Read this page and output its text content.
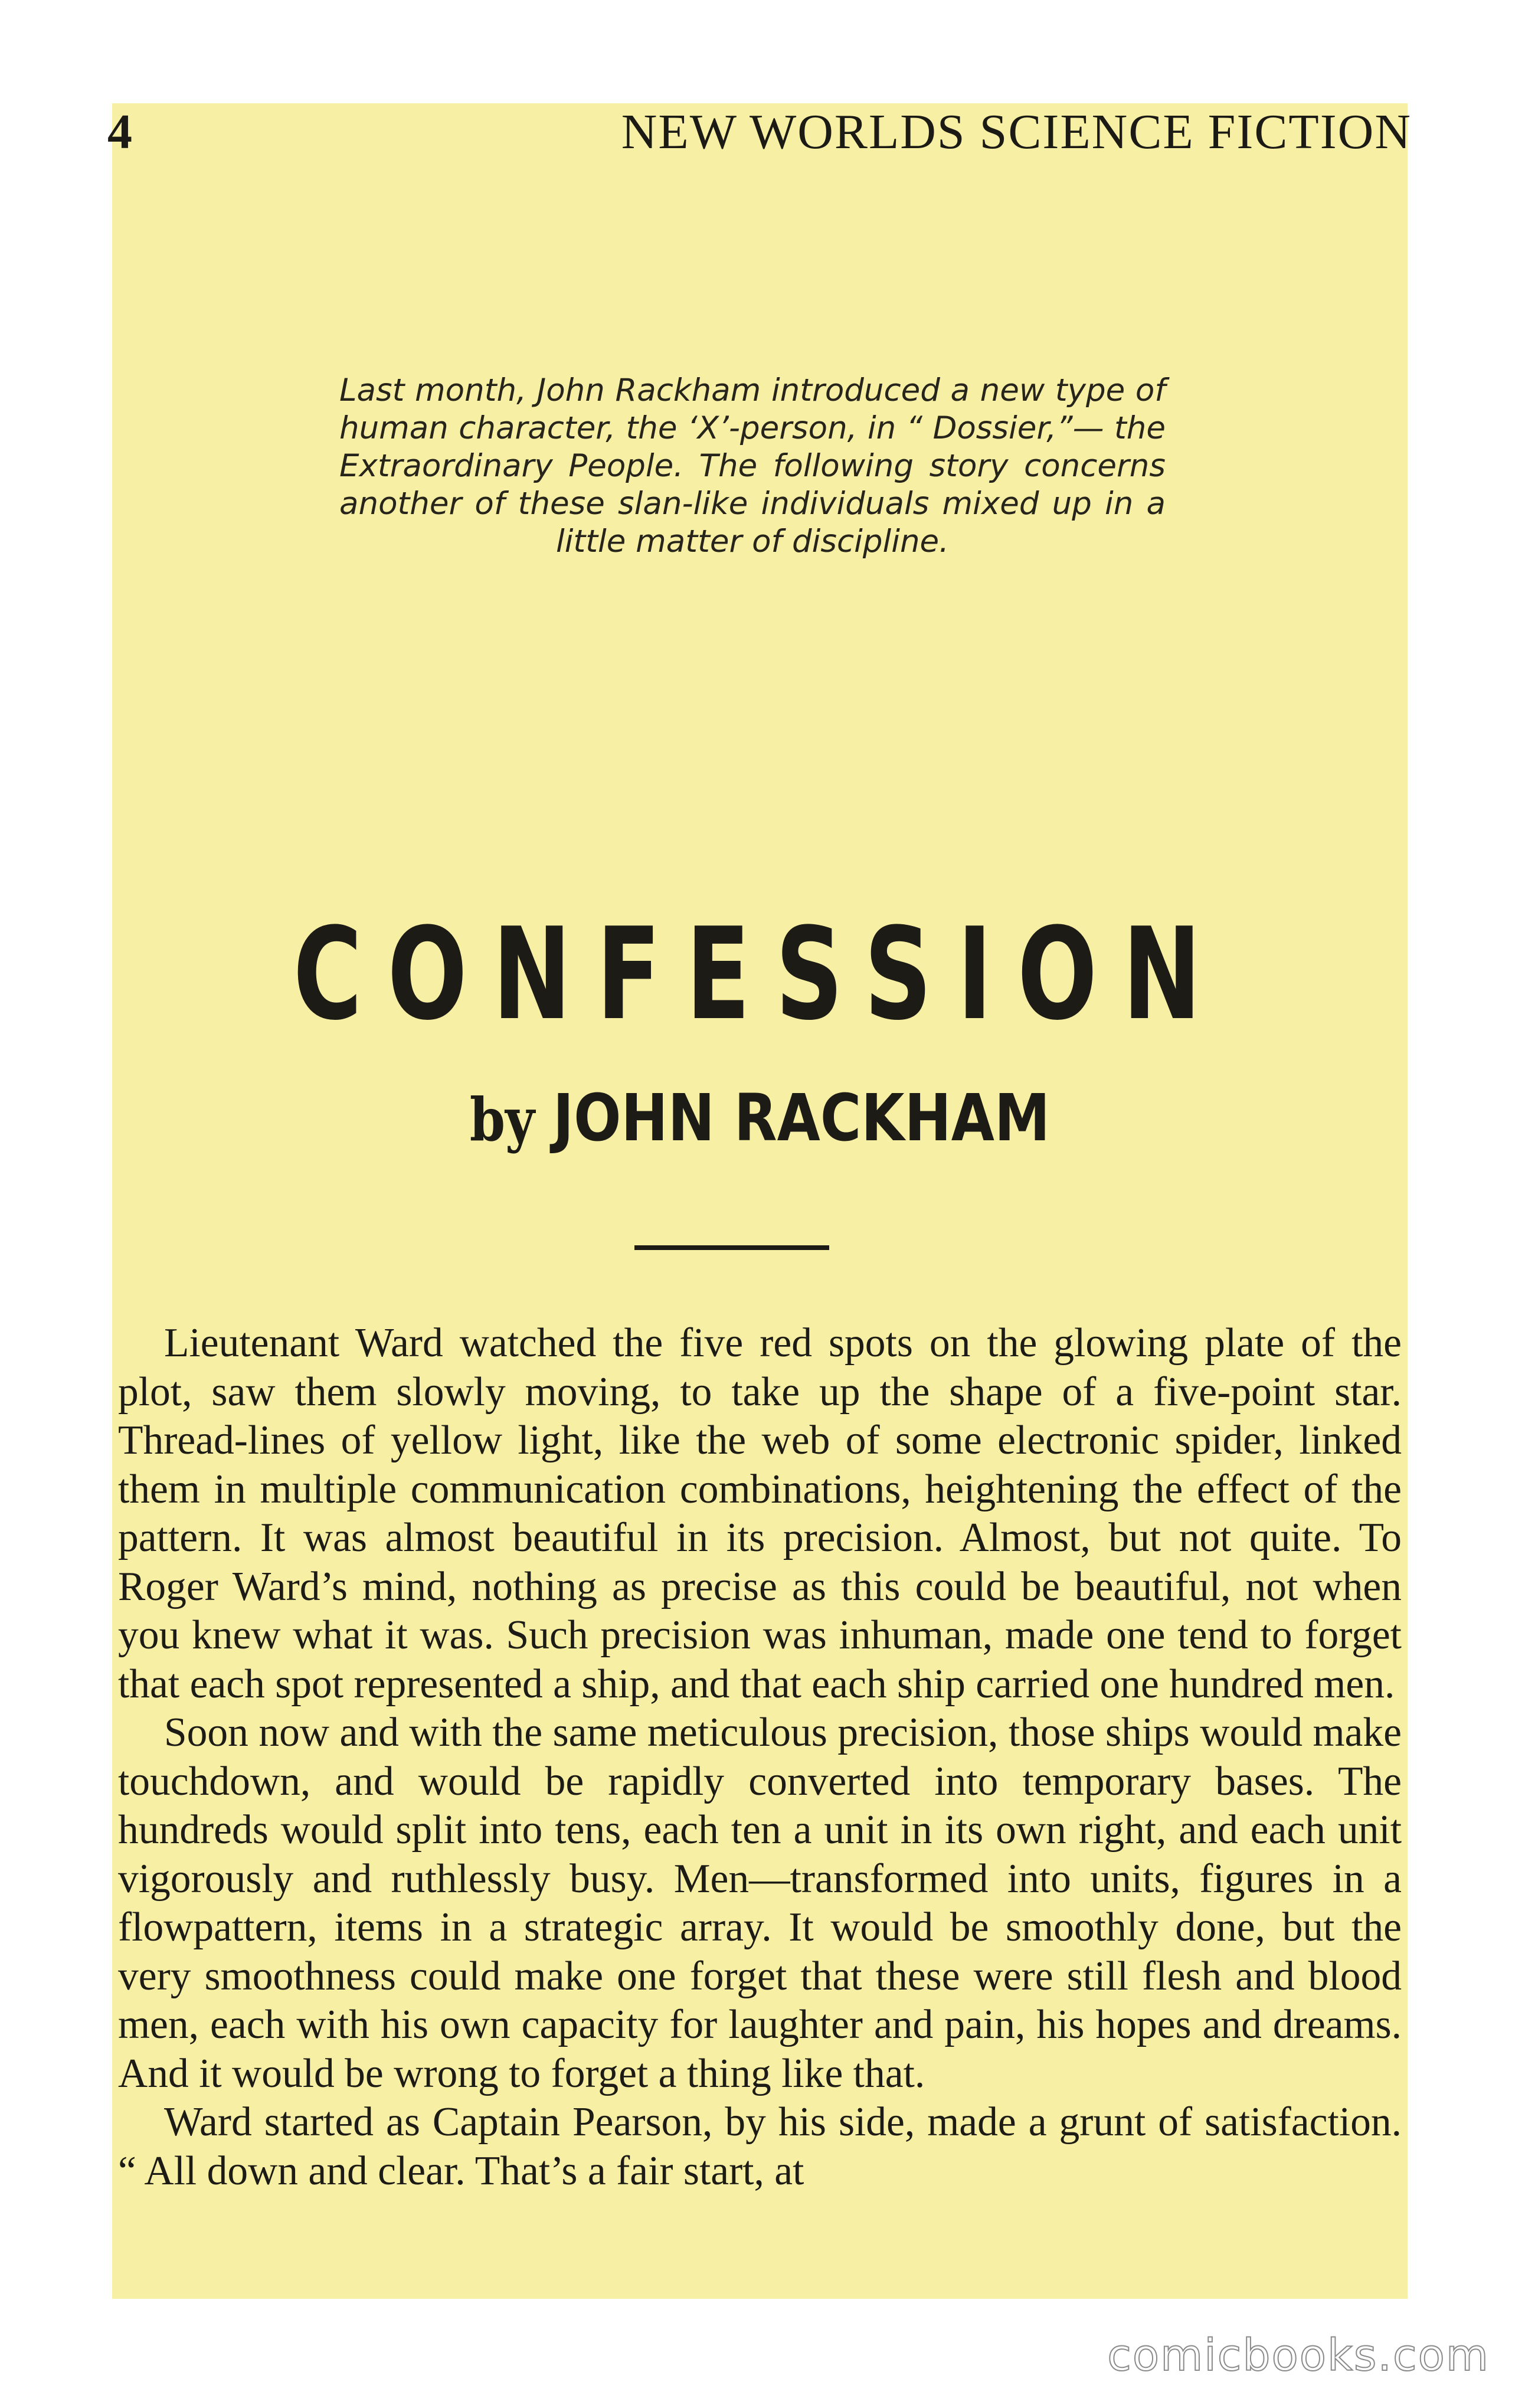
4	NEW WORLDS SCIENCE FICTION
Last month, John Rackham introduced a new type of human character, the ‘X’-person, in “ Dossier,”— the Extraordinary People. The following story concerns another of these slan-like individuals mixed up in a little matter of discipline.
CONFESSION
by JOHN RACKHAM

Lieutenant Ward watched the five red spots on the glowing plate of the plot, saw them slowly moving, to take up the shape of a five-point star. Thread-lines of yellow light, like the web of some electronic spider, linked them in multiple communication combinations, heightening the effect of the pattern. It was almost beautiful in its precision. Almost, but not quite. To Roger Ward’s mind, nothing as precise as this could be beautiful, not when you knew what it was. Such precision was inhuman, made one tend to forget that each spot represented a ship, and that each ship carried one hundred men.

Soon now and with the same meticulous precision, those ships would make touchdown, and would be rapidly converted into temporary bases. The hundreds would split into tens, each ten a unit in its own right, and each unit vigorously and ruthlessly busy. Men—transformed into units, figures in a flowpattern, items in a strategic array. It would be smoothly done, but the very smoothness could make one forget that these were still flesh and blood men, each with his own capacity for laughter and pain, his hopes and dreams. And it would be wrong to forget a thing like that.

Ward started as Captain Pearson, by his side, made a grunt of satisfaction. “ All down and clear. That’s a fair start, at

comicbooks.com
